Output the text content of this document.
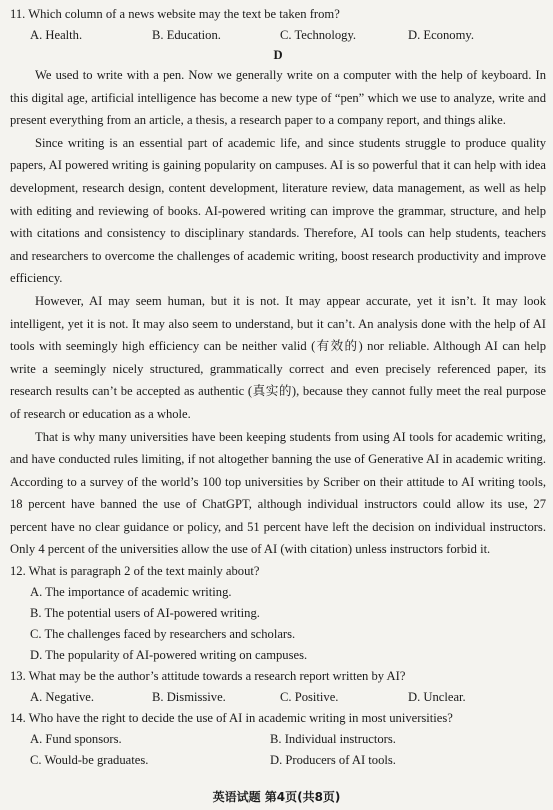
11. Which column of a news website may the text be taken from?

A. Health.	B. Education.	C. Technology.	D. Economy.

D

We used to write with a pen. Now we generally write on a computer with the help of keyboard. In this digital age, artificial intelligence has become a new type of “pen” which we use to analyze, write and present everything from an article, a thesis, a research paper to a company report, and things alike.

Since writing is an essential part of academic life, and since students struggle to produce quality papers, AI powered writing is gaining popularity on campuses. AI is so powerful that it can help with idea development, research design, content development, literature review, data management, as well as help with editing and reviewing of books. AI-powered writing can improve the grammar, structure, and help with citations and consistency to disciplinary standards. Therefore, AI tools can help students, teachers and researchers to overcome the challenges of academic writing, boost research productivity and improve efficiency.

However, AI may seem human, but it is not. It may appear accurate, yet it isn’t. It may look intelligent, yet it is not. It may also seem to understand, but it can’t. An analysis done with the help of AI tools with seemingly high efficiency can be neither valid (有效的) nor reliable. Although AI can help write a seemingly nicely structured, grammatically correct and even precisely referenced paper, its research results can’t be accepted as authentic (真实的), because they cannot fully meet the real purpose of research or education as a whole.

That is why many universities have been keeping students from using AI tools for academic writing, and have conducted rules limiting, if not altogether banning the use of Generative AI in academic writing. According to a survey of the world’s 100 top universities by Scriber on their attitude to AI writing tools, 18 percent have banned the use of ChatGPT, although individual instructors could allow its use, 27 percent have no clear guidance or policy, and 51 percent have left the decision on individual instructors. Only 4 percent of the universities allow the use of AI (with citation) unless instructors forbid it.

12. What is paragraph 2 of the text mainly about?

A. The importance of academic writing.

B. The potential users of AI-powered writing.

C. The challenges faced by researchers and scholars.

D. The popularity of AI-powered writing on campuses.

13. What may be the author’s attitude towards a research report written by AI?

A. Negative.	B. Dismissive.	C. Positive.	D. Unclear.

14. Who have the right to decide the use of AI in academic writing in most universities?

A. Fund sponsors.	B. Individual instructors.
C. Would-be graduates.	D. Producers of AI tools.
英语试题 第4页(共8页)
